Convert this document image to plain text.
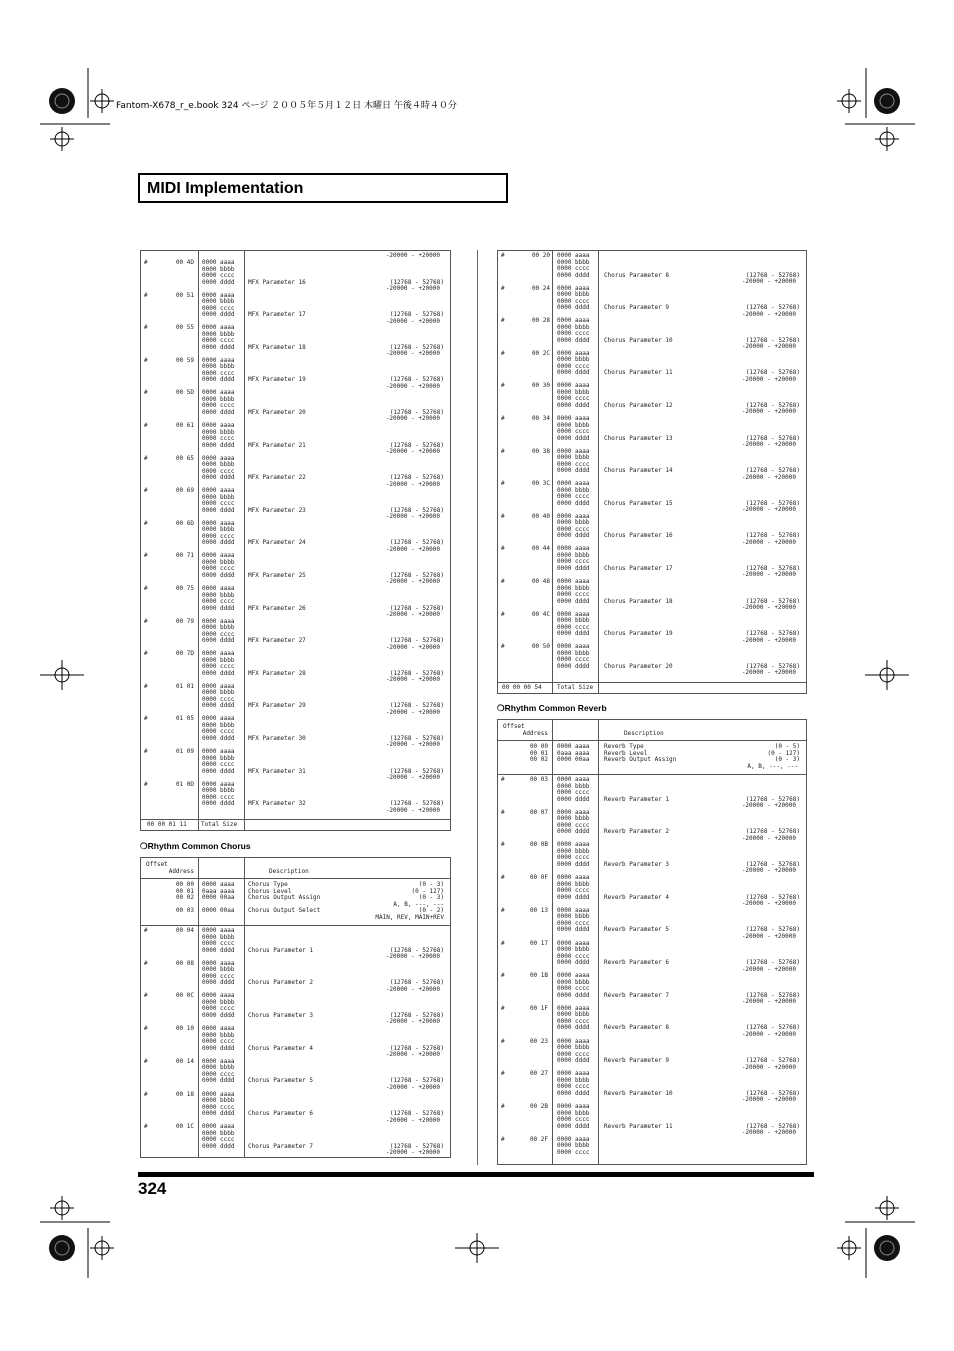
Fantom-X678_r_e.book 324 ページ ２００５年５月１２日 木曜日 午後４時４０分
MIDI Implementation
-20000 - +20000
#	00 4D 0000 aaaa
0000 bbbb
0000 cccc
0000 dddd MFX Parameter 16	(12768 - 52768)
-20000 - +20000
#	00 51 0000 aaaa
0000 bbbb
0000 cccc
0000 dddd MFX Parameter 17	(12768 - 52768)
-20000 - +20000
#	00 55 0000 aaaa
0000 bbbb
0000 cccc
0000 dddd MFX Parameter 18	(12768 - 52768)
-20000 - +20000
#	00 59 0000 aaaa
0000 bbbb
0000 cccc
0000 dddd MFX Parameter 19	(12768 - 52768)
-20000 - +20000
#	00 5D 0000 aaaa
0000 bbbb
0000 cccc
0000 dddd MFX Parameter 20	(12768 - 52768)
-20000 - +20000
#	00 61 0000 aaaa
0000 bbbb
0000 cccc
0000 dddd MFX Parameter 21	(12768 - 52768)
-20000 - +20000
#	00 65 0000 aaaa
0000 bbbb
0000 cccc
0000 dddd MFX Parameter 22	(12768 - 52768)
-20000 - +20000
#	00 69 0000 aaaa
0000 bbbb
0000 cccc
0000 dddd MFX Parameter 23	(12768 - 52768)
-20000 - +20000
#	00 6D 0000 aaaa
0000 bbbb
0000 cccc
0000 dddd MFX Parameter 24	(12768 - 52768)
-20000 - +20000
#	00 71 0000 aaaa
0000 bbbb
0000 cccc
0000 dddd MFX Parameter 25	(12768 - 52768)
-20000 - +20000
#	00 75 0000 aaaa
0000 bbbb
0000 cccc
0000 dddd MFX Parameter 26	(12768 - 52768)
-20000 - +20000
#	00 79 0000 aaaa
0000 bbbb
0000 cccc
0000 dddd MFX Parameter 27	(12768 - 52768)
-20000 - +20000
#	00 7D 0000 aaaa
0000 bbbb
0000 cccc
0000 dddd MFX Parameter 28	(12768 - 52768)
-20000 - +20000
#	01 01 0000 aaaa
0000 bbbb
0000 cccc
0000 dddd MFX Parameter 29	(12768 - 52768)
-20000 - +20000
#	01 05 0000 aaaa
0000 bbbb
0000 cccc
0000 dddd MFX Parameter 30	(12768 - 52768)
-20000 - +20000
#	01 09 0000 aaaa
0000 bbbb
0000 cccc
0000 dddd MFX Parameter 31	(12768 - 52768)
-20000 - +20000
#	01 0D 0000 aaaa
0000 bbbb
0000 cccc
0000 dddd MFX Parameter 32	(12768 - 52768)
-20000 - +20000
00 00 01 11 Total Size
❍Rhythm Common Chorus
Offset
Address	Description
00 00 0000 aaaa Chorus Type	(0 - 3)
00 01 0aaa aaaa Chorus Level	(0 - 127)
00 02 0000 00aa Chorus Output Assign	(0 - 3)
A, B, ---, ---
00 03 0000 00aa Chorus Output Select	(0 - 2)
MAIN, REV, MAIN+REV
#	00 04 0000 aaaa
0000 bbbb
0000 cccc
0000 dddd Chorus Parameter 1	(12768 - 52768)
-20000 - +20000
#	00 08 0000 aaaa
0000 bbbb
0000 cccc
0000 dddd Chorus Parameter 2	(12768 - 52768)
-20000 - +20000
#	00 0C 0000 aaaa
0000 bbbb
0000 cccc
0000 dddd Chorus Parameter 3	(12768 - 52768)
-20000 - +20000
#	00 10 0000 aaaa
0000 bbbb
0000 cccc
0000 dddd Chorus Parameter 4	(12768 - 52768)
-20000 - +20000
#	00 14 0000 aaaa
0000 bbbb
0000 cccc
0000 dddd Chorus Parameter 5	(12768 - 52768)
-20000 - +20000
#	00 18 0000 aaaa
0000 bbbb
0000 cccc
0000 dddd Chorus Parameter 6	(12768 - 52768)
-20000 - +20000
#	00 1C 0000 aaaa
0000 bbbb
0000 cccc
0000 dddd Chorus Parameter 7	(12768 - 52768)
-20000 - +20000
#	00 20 0000 aaaa
0000 bbbb
0000 cccc
0000 dddd Chorus Parameter 8	(12768 - 52768)
-20000 - +20000
#	00 24 0000 aaaa
0000 bbbb
0000 cccc
0000 dddd Chorus Parameter 9	(12768 - 52768)
-20000 - +20000
#	00 28 0000 aaaa
0000 bbbb
0000 cccc
0000 dddd Chorus Parameter 10	(12768 - 52768)
-20000 - +20000
#	00 2C 0000 aaaa
0000 bbbb
0000 cccc
0000 dddd Chorus Parameter 11	(12768 - 52768)
-20000 - +20000
#	00 30 0000 aaaa
0000 bbbb
0000 cccc
0000 dddd Chorus Parameter 12	(12768 - 52768)
-20000 - +20000
#	00 34 0000 aaaa
0000 bbbb
0000 cccc
0000 dddd Chorus Parameter 13	(12768 - 52768)
-20000 - +20000
#	00 38 0000 aaaa
0000 bbbb
0000 cccc
0000 dddd Chorus Parameter 14	(12768 - 52768)
-20000 - +20000
#	00 3C 0000 aaaa
0000 bbbb
0000 cccc
0000 dddd Chorus Parameter 15	(12768 - 52768)
-20000 - +20000
#	00 40 0000 aaaa
0000 bbbb
0000 cccc
0000 dddd Chorus Parameter 16	(12768 - 52768)
-20000 - +20000
#	00 44 0000 aaaa
0000 bbbb
0000 cccc
0000 dddd Chorus Parameter 17	(12768 - 52768)
-20000 - +20000
#	00 48 0000 aaaa
0000 bbbb
0000 cccc
0000 dddd Chorus Parameter 18	(12768 - 52768)
-20000 - +20000
#	00 4C 0000 aaaa
0000 bbbb
0000 cccc
0000 dddd Chorus Parameter 19	(12768 - 52768)
-20000 - +20000
#	00 50 0000 aaaa
0000 bbbb
0000 cccc
0000 dddd Chorus Parameter 20	(12768 - 52768)
-20000 - +20000
00 00 00 54	Total Size
❍Rhythm Common Reverb
Offset
Address	Description
00 00 0000 aaaa Reverb Type	(0 - 5)
00 01 0aaa aaaa Reverb Level	(0 - 127)
00 02 0000 00aa Reverb Output Assign	(0 - 3)
A, B, ---, ---
#	00 03 0000 aaaa
0000 bbbb
0000 cccc
0000 dddd Reverb Parameter 1	(12768 - 52768)
-20000 - +20000
#	00 07 0000 aaaa
0000 bbbb
0000 cccc
0000 dddd Reverb Parameter 2	(12768 - 52768)
-20000 - +20000
#	00 0B 0000 aaaa
0000 bbbb
0000 cccc
0000 dddd Reverb Parameter 3	(12768 - 52768)
-20000 - +20000
#	00 0F 0000 aaaa
0000 bbbb
0000 cccc
0000 dddd Reverb Parameter 4	(12768 - 52768)
-20000 - +20000
#	00 13 0000 aaaa
0000 bbbb
0000 cccc
0000 dddd Reverb Parameter 5	(12768 - 52768)
-20000 - +20000
#	00 17 0000 aaaa
0000 bbbb
0000 cccc
0000 dddd Reverb Parameter 6	(12768 - 52768)
-20000 - +20000
#	00 1B 0000 aaaa
0000 bbbb
0000 cccc
0000 dddd Reverb Parameter 7	(12768 - 52768)
-20000 - +20000
#	00 1F 0000 aaaa
0000 bbbb
0000 cccc
0000 dddd Reverb Parameter 8	(12768 - 52768)
-20000 - +20000
#	00 23 0000 aaaa
0000 bbbb
0000 cccc
0000 dddd Reverb Parameter 9	(12768 - 52768)
-20000 - +20000
#	00 27 0000 aaaa
0000 bbbb
0000 cccc
0000 dddd Reverb Parameter 10	(12768 - 52768)
-20000 - +20000
#	00 2B 0000 aaaa
0000 bbbb
0000 cccc
0000 dddd Reverb Parameter 11	(12768 - 52768)
-20000 - +20000
#	00 2F 0000 aaaa
0000 bbbb
0000 cccc
324
